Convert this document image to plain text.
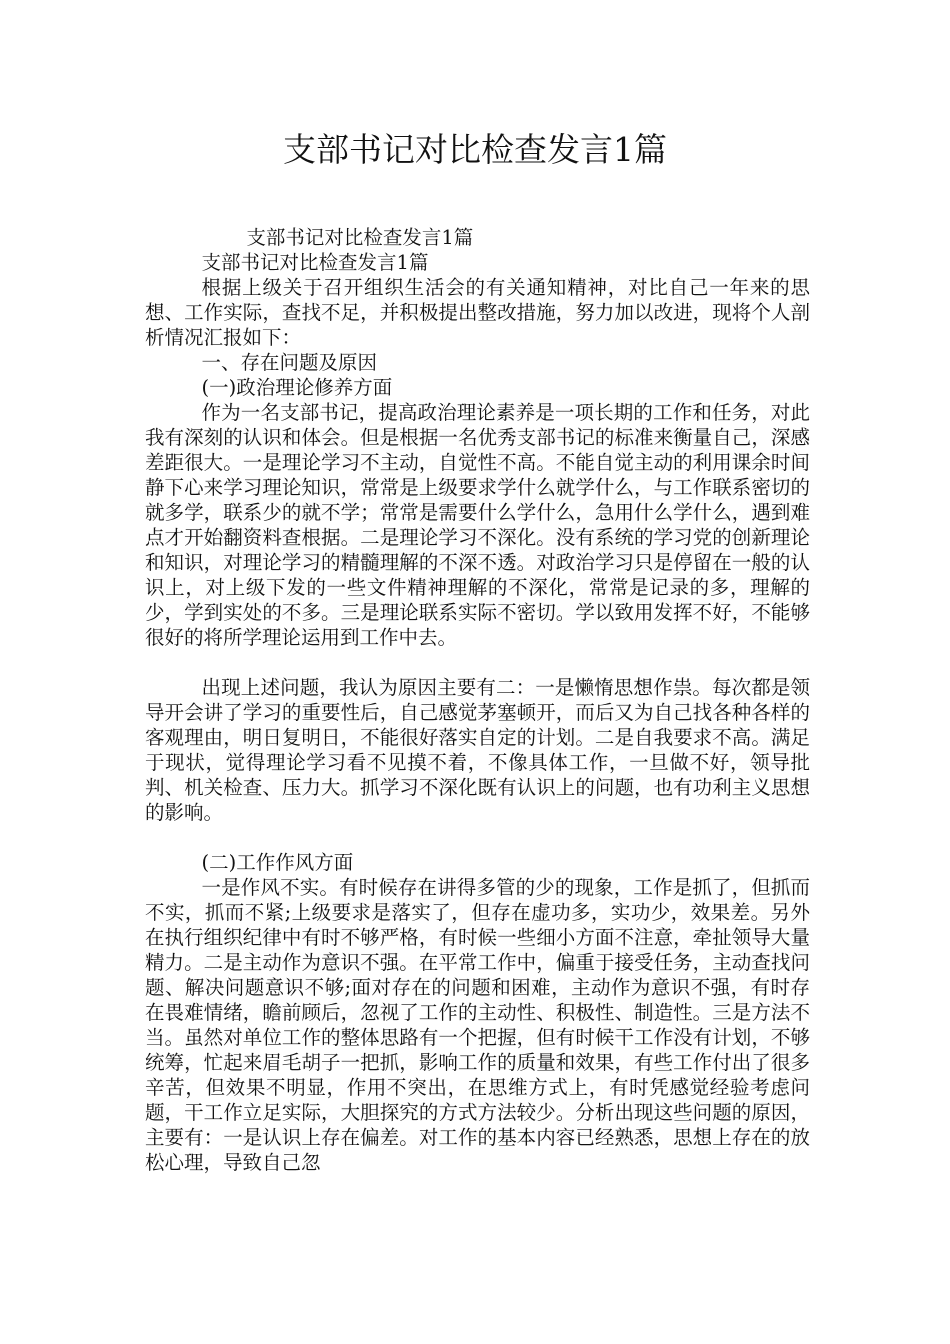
支部书记对比检查发言1篇

支部书记对比检查发言1篇

支部书记对比检查发言1篇

根据上级关于召开组织生活会的有关通知精神，对比自己一年来的思想、工作实际，查找不足，并积极提出整改措施，努力加以改进，现将个人剖析情况汇报如下：

一、存在问题及原因

(一)政治理论修养方面

作为一名支部书记，提高政治理论素养是一项长期的工作和任务，对此我有深刻的认识和体会。但是根据一名优秀支部书记的标准来衡量自己，深感差距很大。一是理论学习不主动，自觉性不高。不能自觉主动的利用课余时间静下心来学习理论知识，常常是上级要求学什么就学什么，与工作联系密切的就多学，联系少的就不学；常常是需要什么学什么，急用什么学什么，遇到难点才开始翻资料查根据。二是理论学习不深化。没有系统的学习党的创新理论和知识，对理论学习的精髓理解的不深不透。对政治学习只是停留在一般的认识上，对上级下发的一些文件精神理解的不深化，常常是记录的多，理解的少，学到实处的不多。三是理论联系实际不密切。学以致用发挥不好，不能够很好的将所学理论运用到工作中去。

出现上述问题，我认为原因主要有二：一是懒惰思想作祟。每次都是领导开会讲了学习的重要性后，自己感觉茅塞顿开，而后又为自己找各种各样的客观理由，明日复明日，不能很好落实自定的计划。二是自我要求不高。满足于现状，觉得理论学习看不见摸不着，不像具体工作，一旦做不好，领导批判、机关检查、压力大。抓学习不深化既有认识上的问题，也有功利主义思想的影响。

(二)工作作风方面

一是作风不实。有时候存在讲得多管的少的现象，工作是抓了，但抓而不实，抓而不紧;上级要求是落实了，但存在虚功多，实功少，效果差。另外在执行组织纪律中有时不够严格，有时候一些细小方面不注意，牵扯领导大量精力。二是主动作为意识不强。在平常工作中，偏重于接受任务，主动查找问题、解决问题意识不够;面对存在的问题和困难，主动作为意识不强，有时存在畏难情绪，瞻前顾后，忽视了工作的主动性、积极性、制造性。三是方法不当。虽然对单位工作的整体思路有一个把握，但有时候干工作没有计划，不够统筹，忙起来眉毛胡子一把抓，影响工作的质量和效果，有些工作付出了很多辛苦，但效果不明显，作用不突出，在思维方式上，有时凭感觉经验考虑问题，干工作立足实际，大胆探究的方式方法较少。分析出现这些问题的原因，主要有：一是认识上存在偏差。对工作的基本内容已经熟悉，思想上存在的放松心理，导致自己忽
